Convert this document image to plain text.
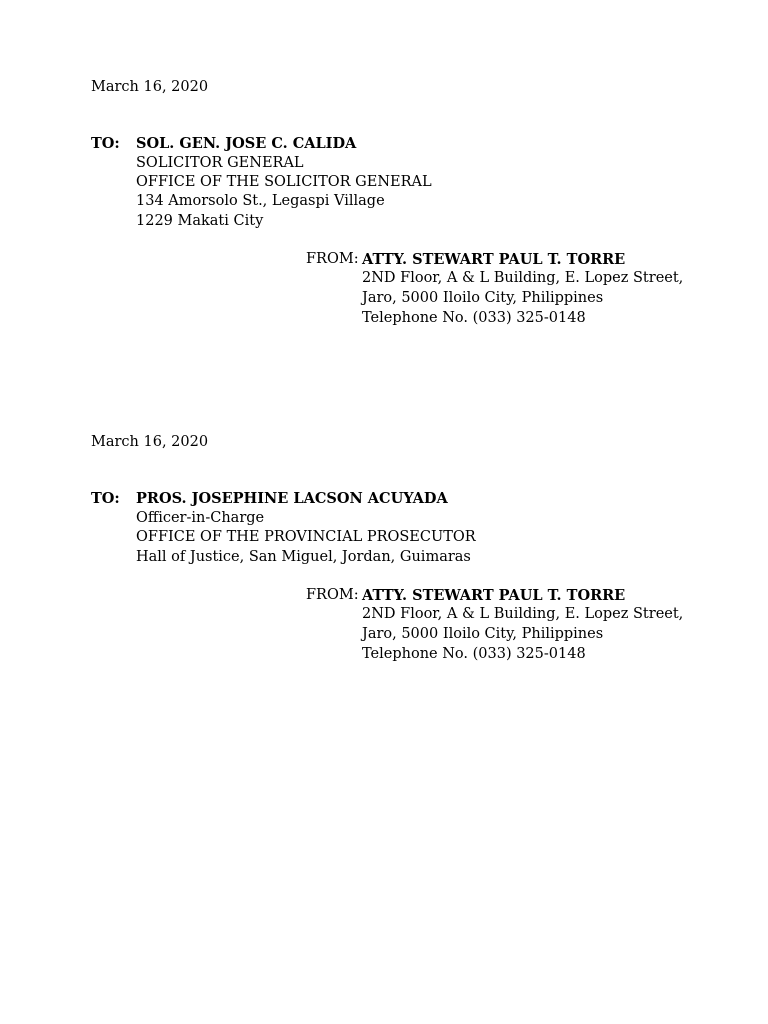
March 16, 2020
TO: SOL. GEN. JOSE C. CALIDA
SOLICITOR GENERAL
OFFICE OF THE SOLICITOR GENERAL
134 Amorsolo St., Legaspi Village
1229 Makati City
FROM: ATTY. STEWART PAUL T. TORRE
2ND Floor, A & L Building, E. Lopez Street,
Jaro, 5000 Iloilo City, Philippines
Telephone No. (033) 325-0148
March 16, 2020
TO: PROS. JOSEPHINE LACSON ACUYADA
Officer-in-Charge
OFFICE OF THE PROVINCIAL PROSECUTOR
Hall of Justice, San Miguel, Jordan, Guimaras
FROM: ATTY. STEWART PAUL T. TORRE
2ND Floor, A & L Building, E. Lopez Street,
Jaro, 5000 Iloilo City, Philippines
Telephone No. (033) 325-0148
